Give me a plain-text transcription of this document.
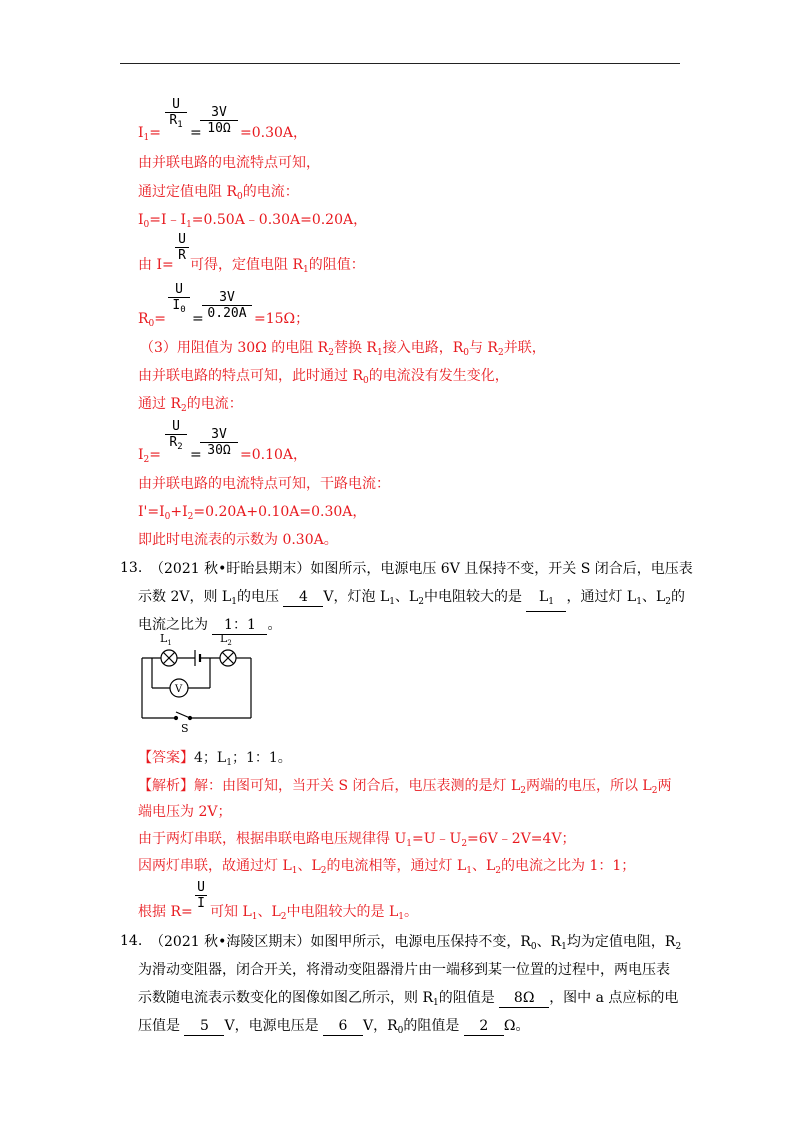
$I_1= \frac{U}{R_1}$ =
$\frac{3V}{10\Omega} =0.30A$，
由并联电路的电流特点可知，
通过定值电阻 $R_0$的电流：
$I_0=I﹣I_1=0.50A﹣0.30A=0.20A$，
由 I=
$\frac{U}{R}$
可得，定值电阻 $R_1$的阻值：
$R_0=$
$\frac{U}{I_0}$
=
$\frac{3V}{0.20A} =15\Omega$；
（3）用阻值为 30Ω 的电阻 $R_2$替换 $R_1$接入电路，$R_0$与 $R_2$并联，
由并联电路的特点可知，此时通过 $R_0$的电流没有发生变化，
通过 $R_2$的电流：
$I_2= \frac{U}{R_2}$ =
$\frac{3V}{30\Omega} =0.10A$，
由并联电路的电流特点可知，干路电流：
$I'=I_0+I_2=0.20A+0.10A=0.30A$，
即此时电流表的示数为 0.30A。
13. （2021 秋•盱眙县期末）如图所示，电源电压 6V 且保持不变，开关 S 闭合后，电压表
示数 2V，则 $L_1$的电压 4 V，灯泡 $L_1$、$L_2$中电阻较大的是 $L_1$ ，通过灯 $L_1$、$L_2$的
电流之比为 1：1 。
$L_1$	$L_2$
V
S
【答案】4；$L_1$；1：1。
【解析】解：由图可知，当开关 S 闭合后，电压表测的是灯 $L_2$两端的电压，所以 $L_2$两
端电压为 2V；
由于两灯串联，根据串联电路电压规律得 $U_1=U﹣U_2=6V﹣2V=4V$；
因两灯串联，故通过灯 $L_1$、$L_2$的电流相等，通过灯 $L_1$、$L_2$的电流之比为 1：1；
根据 R=
$\frac{U}{I}$
可知 $L_1$、$L_2$中电阻较大的是 $L_1$。
14. （2021 秋•海陵区期末）如图甲所示，电源电压保持不变，$R_0$、$R_1$均为定值电阻，$R_2$
为滑动变阻器，闭合开关，将滑动变阻器滑片由一端移到某一位置的过程中，两电压表
示数随电流表示数变化的图像如图乙所示，则 $R_1$的阻值是 8Ω ，图中 a 点应标的电
压值是 5 V，电源电压是 6 V，$R_0$的阻值是 2 Ω。
